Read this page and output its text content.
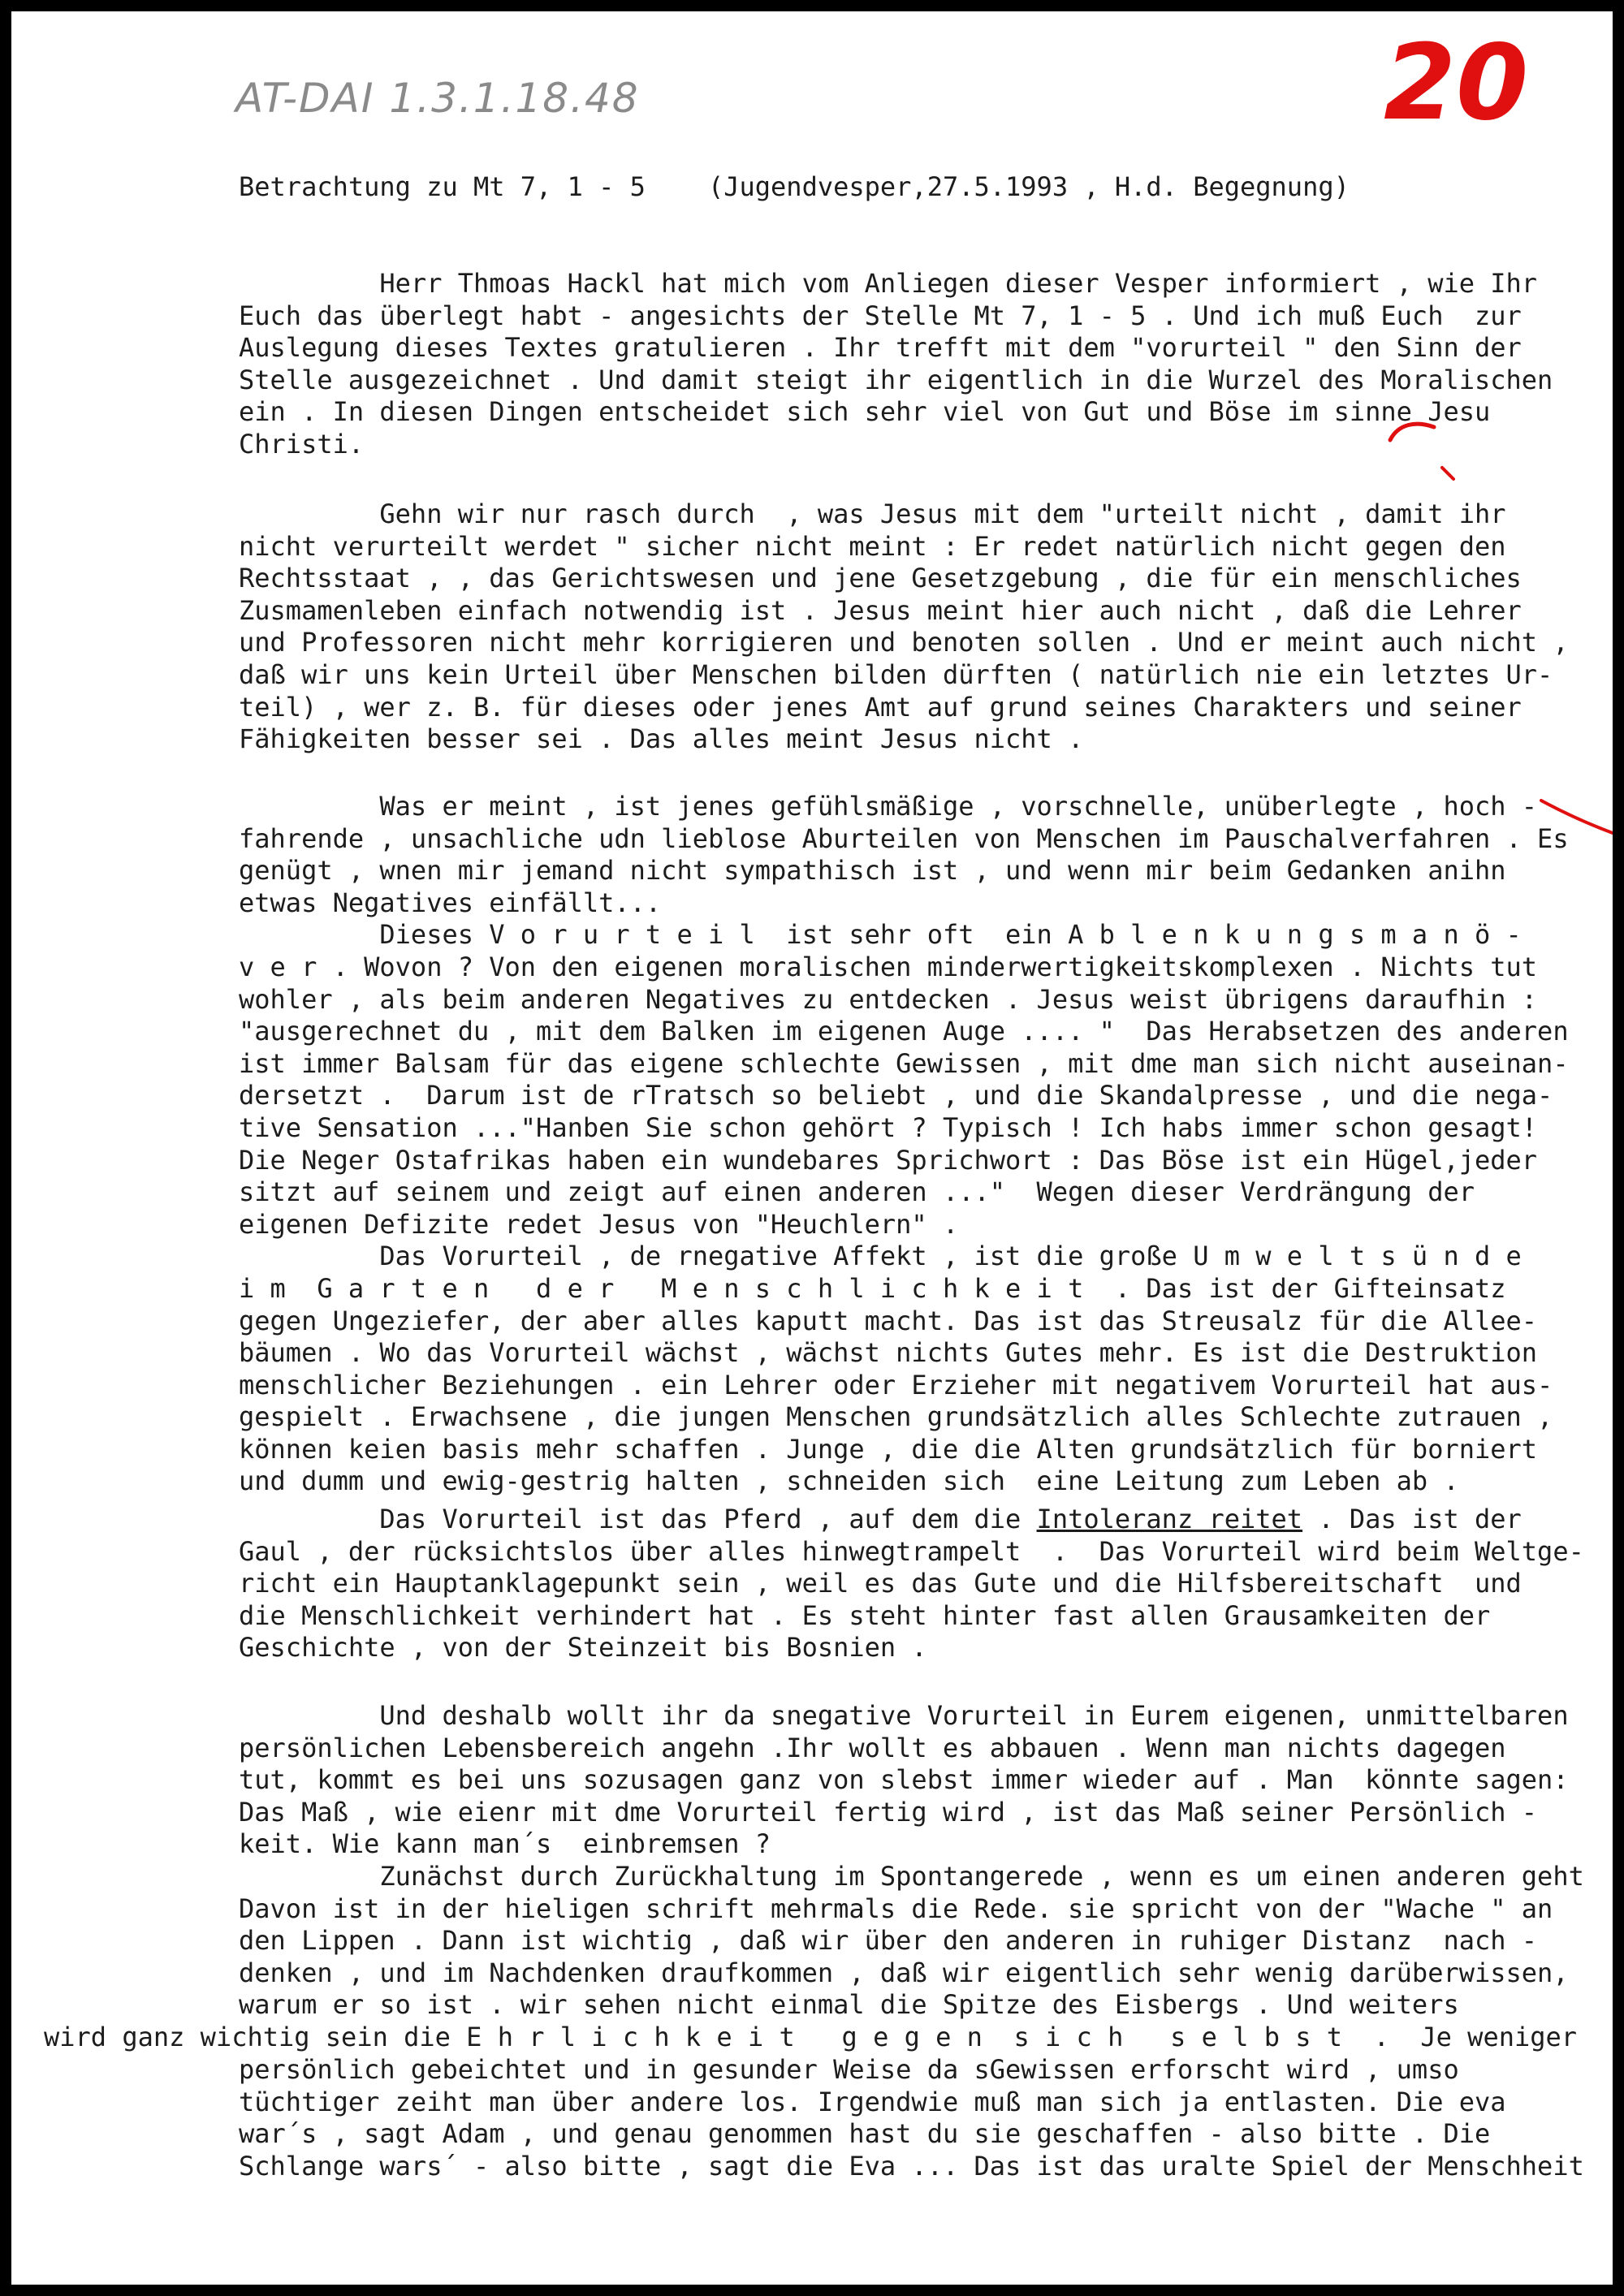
AT-DAI 1.3.1.18.48	20
Betrachtung zu Mt 7, 1 - 5    (Jugendvesper,27.5.1993 , H.d. Begegnung)
Herr Thmoas Hackl hat mich vom Anliegen dieser Vesper informiert , wie Ihr
Euch das überlegt habt - angesichts der Stelle Mt 7, 1 - 5 . Und ich muß Euch  zur
Auslegung dieses Textes gratulieren . Ihr trefft mit dem "vorurteil " den Sinn der
Stelle ausgezeichnet . Und damit steigt ihr eigentlich in die Wurzel des Moralischen
ein . In diesen Dingen entscheidet sich sehr viel von Gut und Böse im sinne Jesu
Christi.
Gehn wir nur rasch durch  , was Jesus mit dem "urteilt nicht , damit ihr
nicht verurteilt werdet " sicher nicht meint : Er redet natürlich nicht gegen den
Rechtsstaat , , das Gerichtswesen und jene Gesetzgebung , die für ein menschliches
Zusmamenleben einfach notwendig ist . Jesus meint hier auch nicht , daß die Lehrer
und Professoren nicht mehr korrigieren und benoten sollen . Und er meint auch nicht ,
daß wir uns kein Urteil über Menschen bilden dürften ( natürlich nie ein letztes Ur-
teil) , wer z. B. für dieses oder jenes Amt auf grund seines Charakters und seiner
Fähigkeiten besser sei . Das alles meint Jesus nicht .
Was er meint , ist jenes gefühlsmäßige , vorschnelle, unüberlegte , hoch -
fahrende , unsachliche udn lieblose Aburteilen von Menschen im Pauschalverfahren . Es
genügt , wnen mir jemand nicht sympathisch ist , und wenn mir beim Gedanken anihn
etwas Negatives einfällt...
Dieses V o r u r t e i l  ist sehr oft  ein A b l e n k u n g s m a n ö -
v e r . Wovon ? Von den eigenen moralischen minderwertigkeitskomplexen . Nichts tut
wohler , als beim anderen Negatives zu entdecken . Jesus weist übrigens daraufhin :
"ausgerechnet du , mit dem Balken im eigenen Auge .... "  Das Herabsetzen des anderen
ist immer Balsam für das eigene schlechte Gewissen , mit dme man sich nicht auseinan-
dersetzt .  Darum ist de rTratsch so beliebt , und die Skandalpresse , und die nega-
tive Sensation ..."Hanben Sie schon gehört ? Typisch ! Ich habs immer schon gesagt!
Die Neger Ostafrikas haben ein wundebares Sprichwort : Das Böse ist ein Hügel,jeder
sitzt auf seinem und zeigt auf einen anderen ..."  Wegen dieser Verdrängung der
eigenen Defizite redet Jesus von "Heuchlern" .
Das Vorurteil , de rnegative Affekt , ist die große U m w e l t s ü n d e
i m  G a r t e n   d e r   M e n s c h l i c h k e i t  . Das ist der Gifteinsatz
gegen Ungeziefer, der aber alles kaputt macht. Das ist das Streusalz für die Allee-
bäumen . Wo das Vorurteil wächst , wächst nichts Gutes mehr. Es ist die Destruktion
menschlicher Beziehungen . ein Lehrer oder Erzieher mit negativem Vorurteil hat aus-
gespielt . Erwachsene , die jungen Menschen grundsätzlich alles Schlechte zutrauen ,
können keien basis mehr schaffen . Junge , die die Alten grundsätzlich für borniert
und dumm und ewig-gestrig halten , schneiden sich  eine Leitung zum Leben ab .
Das Vorurteil ist das Pferd , auf dem die Intoleranz reitet . Das ist der
Gaul , der rücksichtslos über alles hinwegtrampelt  .  Das Vorurteil wird beim Weltge-
richt ein Hauptanklagepunkt sein , weil es das Gute und die Hilfsbereitschaft  und
die Menschlichkeit verhindert hat . Es steht hinter fast allen Grausamkeiten der
Geschichte , von der Steinzeit bis Bosnien .
Und deshalb wollt ihr da snegative Vorurteil in Eurem eigenen, unmittelbaren
persönlichen Lebensbereich angehn .Ihr wollt es abbauen . Wenn man nichts dagegen
tut, kommt es bei uns sozusagen ganz von slebst immer wieder auf . Man  könnte sagen:
Das Maß , wie eienr mit dme Vorurteil fertig wird , ist das Maß seiner Persönlich -
keit. Wie kann man´s  einbremsen ?
Zunächst durch Zurückhaltung im Spontangerede , wenn es um einen anderen geht
Davon ist in der hieligen schrift mehrmals die Rede. sie spricht von der "Wache " an
den Lippen . Dann ist wichtig , daß wir über den anderen in ruhiger Distanz  nach -
denken , und im Nachdenken draufkommen , daß wir eigentlich sehr wenig darüberwissen,
warum er so ist . wir sehen nicht einmal die Spitze des Eisbergs . Und weiters
wird ganz wichtig sein die E h r l i c h k e i t   g e g e n  s i c h   s e l b s t  .  Je weniger
persönlich gebeichtet und in gesunder Weise da sGewissen erforscht wird , umso
tüchtiger zeiht man über andere los. Irgendwie muß man sich ja entlasten. Die eva
war´s , sagt Adam , und genau genommen hast du sie geschaffen - also bitte . Die
Schlange wars´ - also bitte , sagt die Eva ... Das ist das uralte Spiel der Menschheit
